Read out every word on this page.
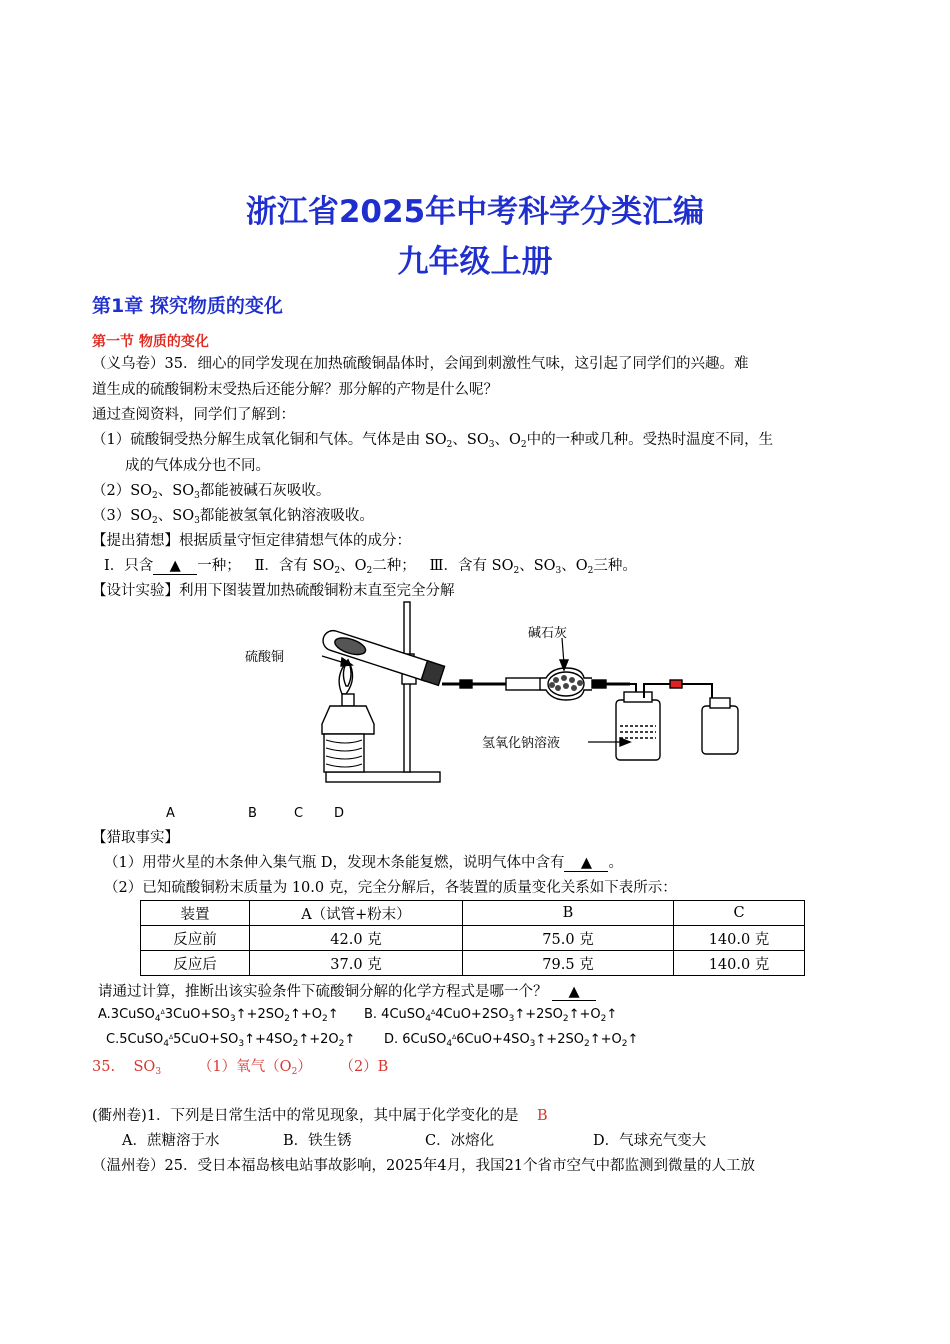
浙江省2025年中考科学分类汇编
九年级上册
第1章 探究物质的变化
第一节 物质的变化
（义乌卷）35．细心的同学发现在加热硫酸铜晶体时，会闻到刺激性气味，这引起了同学们的兴趣。难
道生成的硫酸铜粉末受热后还能分解？那分解的产物是什么呢？
通过查阅资料，同学们了解到：
（1）硫酸铜受热分解生成氧化铜和气体。气体是由 $SO_2$、$SO_3$、$O_2$中的一种或几种。受热时温度不同，生
成的气体成分也不同。
$(2)SO_2$、$SO_3$都能被碱石灰吸收。
$(3)SO_2$、$SO_3$都能被氢氧化钠溶液吸收。
【提出猜想】根据质量守恒定律猜想气体的成分：
Ⅰ．只含 ▲ 一种； Ⅱ．含有 $SO_2$、$O_2$二种； Ⅲ．含有 $SO_2$、$SO_3$、$O_2$三种。
【设计实验】利用下图装置加热硫酸铜粉末直至完全分解
硫酸铜
碱石灰
氢氧化钠溶液
A	B	C D
【猎取事实】
（1）用带火星的木条伸入集气瓶 D，发现木条能复燃，说明气体中含有 ▲ 。
（2）已知硫酸铜粉末质量为 10.0 克，完全分解后，各装置的质量变化关系如下表所示：
装置	A（试管+粉末）	B	C
反应前	42.0 克	75.0 克	140.0 克
反应后	37.0 克	79.5 克	140.0 克
请通过计算，推断出该实验条件下硫酸铜分解的化学方程式是哪一个？ ▲
$A.3CuSO_4\Delta 3CuO+SO_3↑+2SO_2↑+O_2↑$ B. $4CuSO_4\Delta 4CuO+2SO_3↑+2SO_2↑+O_2↑$
$C.5CuSO_4\Delta 5CuO+SO_3↑+4SO_2↑+2O_2↑$ D. $6CuSO_4\Delta 6CuO+4SO_3↑+2SO_2↑+O_2↑$
35. $SO_3$	（1）氧气$(O_2)$ （2）B
(衢州卷)1．下列是日常生活中的常见现象，其中属于化学变化的是 B
A．蔗糖溶于水	B．铁生锈	C．冰熔化	D．气球充气变大
（温州卷）25．受日本福岛核电站事故影响，2025年4月，我国21个省市空气中都监测到微量的人工放
